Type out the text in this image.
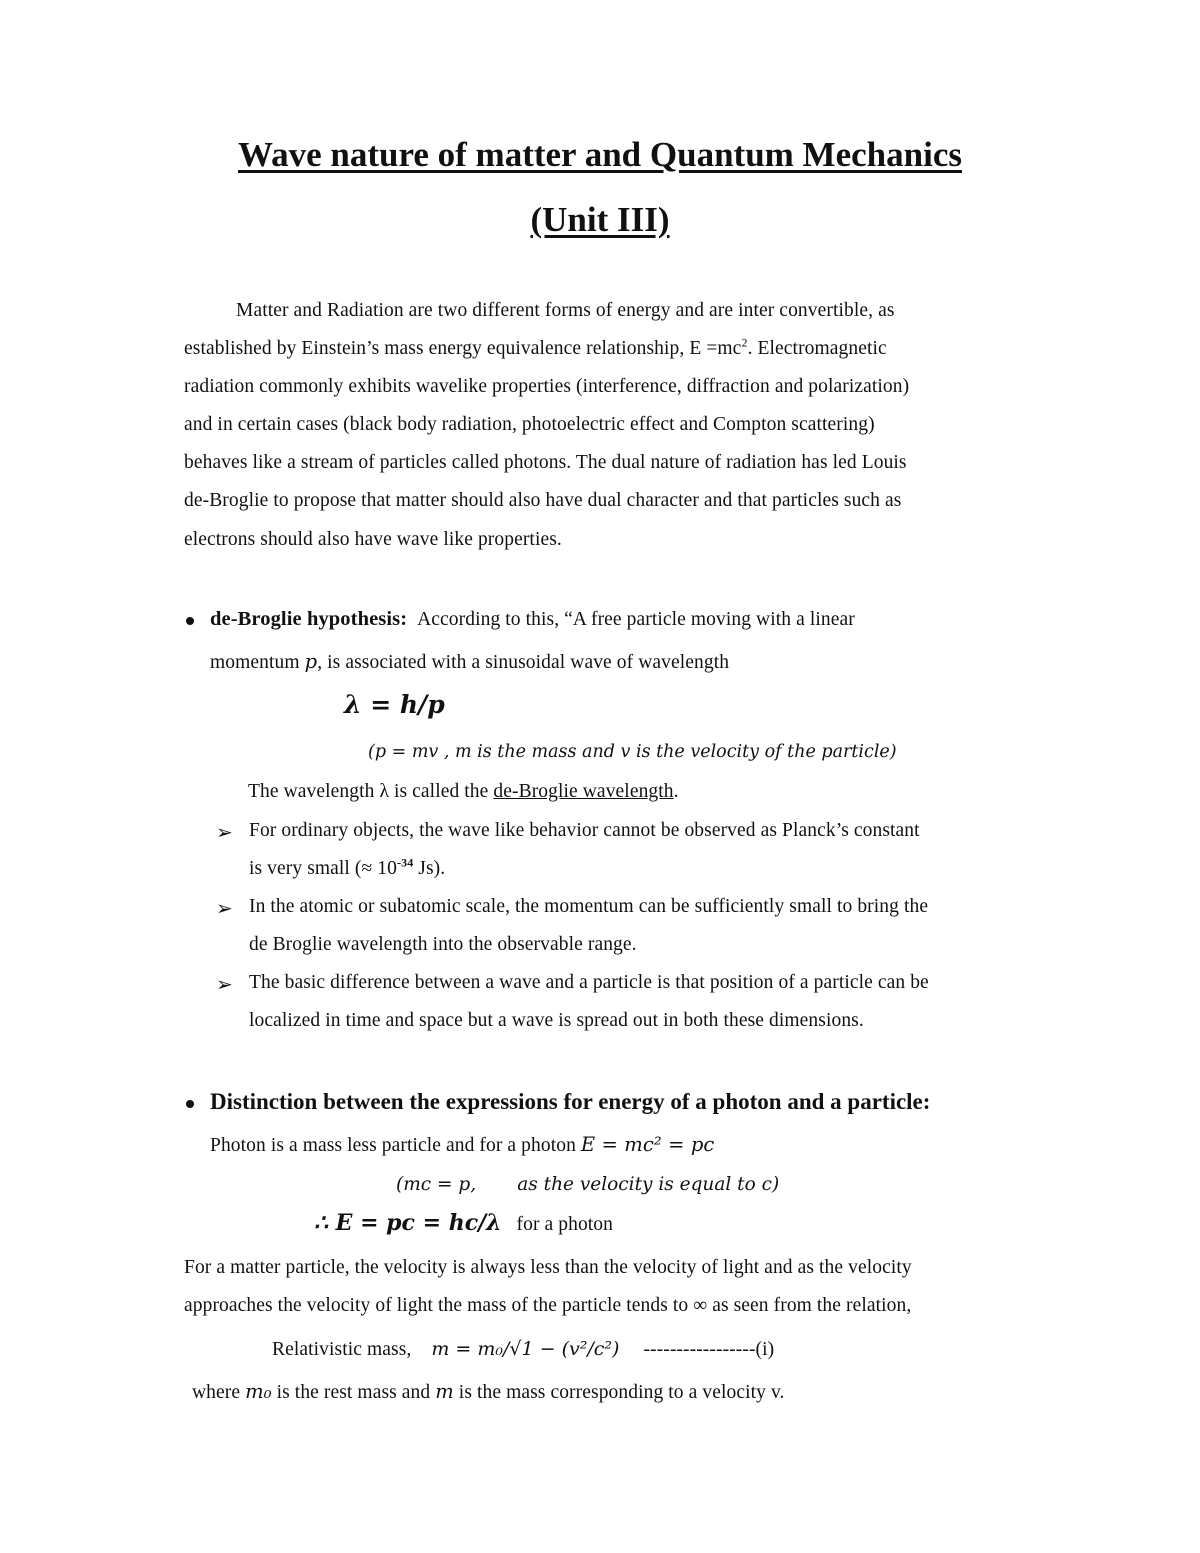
Wave nature of matter and Quantum Mechanics
(Unit III)
Matter and Radiation are two different forms of energy and are inter convertible, as
established by Einstein’s mass energy equivalence relationship, $E =mc^2$. Electromagnetic
radiation commonly exhibits wavelike properties (interference, diffraction and polarization)
and in certain cases (black body radiation, photoelectric effect and Compton scattering)
behaves like a stream of particles called photons. The dual nature of radiation has led Louis
de-Broglie to propose that matter should also have dual character and that particles such as
electrons should also have wave like properties.
de-Broglie hypothesis: According to this, “A free particle moving with a linear
momentum p, is associated with a sinusoidal wave of wavelength
λ = h/p
(p = mv , m is the mass and v is the velocity of the particle)
The wavelength λ is called the de-Broglie wavelength.
➢ For ordinary objects, the wave like behavior cannot be observed as Planck’s constant
is very small (≈ $10^{-34}$ Js).
➢ In the atomic or subatomic scale, the momentum can be sufficiently small to bring the
de Broglie wavelength into the observable range.
➢ The basic difference between a wave and a particle is that position of a particle can be
localized in time and space but a wave is spread out in both these dimensions.
Distinction between the expressions for energy of a photon and a particle:
Photon is a mass less particle and for a photon E = mc² = pc
(mc = p,       as the velocity is equal to c)
∴ E = pc = hc/λ for a photon
For a matter particle, the velocity is always less than the velocity of light and as the velocity
approaches the velocity of light the mass of the particle tends to ∞ as seen from the relation,
Relativistic mass, m = m₀/√1 − (v²/c²) -----------------(i)
where m₀ is the rest mass and m is the mass corresponding to a velocity v.
